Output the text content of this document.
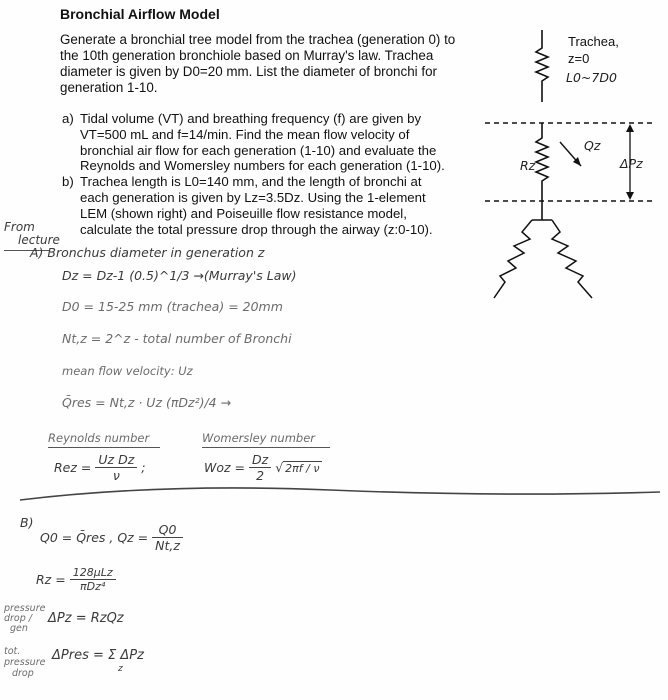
Bronchial Airflow Model
Generate a bronchial tree model from the trachea (generation 0) to
the 10th generation bronchiole based on Murray's law. Trachea
diameter is given by D0=20 mm. List the diameter of bronchi for
generation 1-10.
a) Tidal volume (VT) and breathing frequency (f) are given by
VT=500 mL and f=14/min. Find the mean flow velocity of
bronchial air flow for each generation (1-10) and evaluate the
Reynolds and Womersley numbers for each generation (1-10).
b) Trachea length is L0=140 mm, and the length of bronchi at
each generation is given by Lz=3.5Dz. Using the 1-element
LEM (shown right) and Poiseuille flow resistance model,
calculate the total pressure drop through the airway (z:0-10).
Trachea,
z=0
L0~7D0
Rz
Qz
ΔPz
From
lecture
A) Bronchus diameter in generation z
Dz = Dz-1 (0.5)^1/3 →(Murray's Law)
D0 = 15-25 mm (trachea) = 20mm
Nt,z = 2^z - total number of Bronchi
mean flow velocity: Uz
Q̄res = Nt,z · Uz (πDz²)/4 →
Reynolds number
Rez = $\frac{\text{Uz Dz}}{\nu}$ ;
Womersley number
Woz = $\frac{Dz}{2}$ √ 2πf / ν
B)
Q0 = Q̄res , $Qz = \frac{Q0}{Nt,z}$
$Rz = \frac{\text{128μLz}}{\text{πDz⁴}}$
pressure
drop /
gen
ΔPz = RzQz
tot.
pressure
drop
ΔPres = Σ ΔPz
z
